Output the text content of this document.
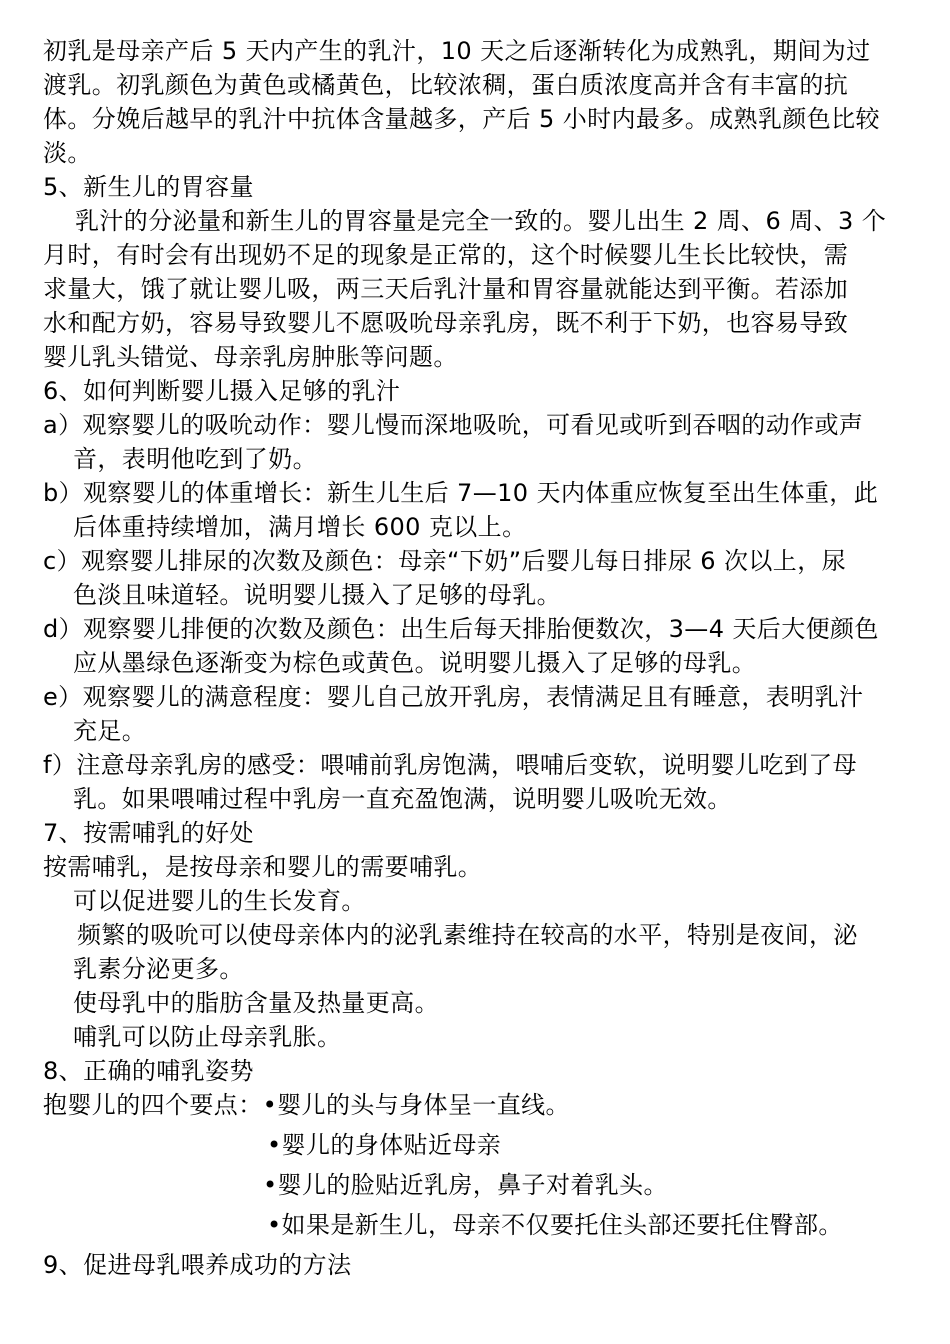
初乳是母亲产后 5 天内产生的乳汁，10 天之后逐渐转化为成熟乳，期间为过
渡乳。初乳颜色为黄色或橘黄色，比较浓稠，蛋白质浓度高并含有丰富的抗
体。分娩后越早的乳汁中抗体含量越多，产后 5 小时内最多。成熟乳颜色比较
淡。
5、新生儿的胃容量
乳汁的分泌量和新生儿的胃容量是完全一致的。婴儿出生 2 周、6 周、3 个
月时，有时会有出现奶不足的现象是正常的，这个时候婴儿生长比较快，需
求量大，饿了就让婴儿吸，两三天后乳汁量和胃容量就能达到平衡。若添加
水和配方奶，容易导致婴儿不愿吸吮母亲乳房，既不利于下奶，也容易导致
婴儿乳头错觉、母亲乳房肿胀等问题。
6、如何判断婴儿摄入足够的乳汁
a）观察婴儿的吸吮动作：婴儿慢而深地吸吮，可看见或听到吞咽的动作或声
音，表明他吃到了奶。
b）观察婴儿的体重增长：新生儿生后 7—10 天内体重应恢复至出生体重，此
后体重持续增加，满月增长 600 克以上。
c）观察婴儿排尿的次数及颜色：母亲“下奶”后婴儿每日排尿 6 次以上，尿
色淡且味道轻。说明婴儿摄入了足够的母乳。
d）观察婴儿排便的次数及颜色：出生后每天排胎便数次，3—4 天后大便颜色
应从墨绿色逐渐变为棕色或黄色。说明婴儿摄入了足够的母乳。
e）观察婴儿的满意程度：婴儿自己放开乳房，表情满足且有睡意，表明乳汁
充足。
f）注意母亲乳房的感受：喂哺前乳房饱满，喂哺后变软，说明婴儿吃到了母
乳。如果喂哺过程中乳房一直充盈饱满，说明婴儿吸吮无效。
7、按需哺乳的好处
按需哺乳，是按母亲和婴儿的需要哺乳。
可以促进婴儿的生长发育。
频繁的吸吮可以使母亲体内的泌乳素维持在较高的水平，特别是夜间，泌
乳素分泌更多。
使母乳中的脂肪含量及热量更高。
哺乳可以防止母亲乳胀。
8、正确的哺乳姿势
抱婴儿的四个要点：•婴儿的头与身体呈一直线。
•婴儿的身体贴近母亲
•婴儿的脸贴近乳房，鼻子对着乳头。
•如果是新生儿，母亲不仅要托住头部还要托住臀部。
9、促进母乳喂养成功的方法
